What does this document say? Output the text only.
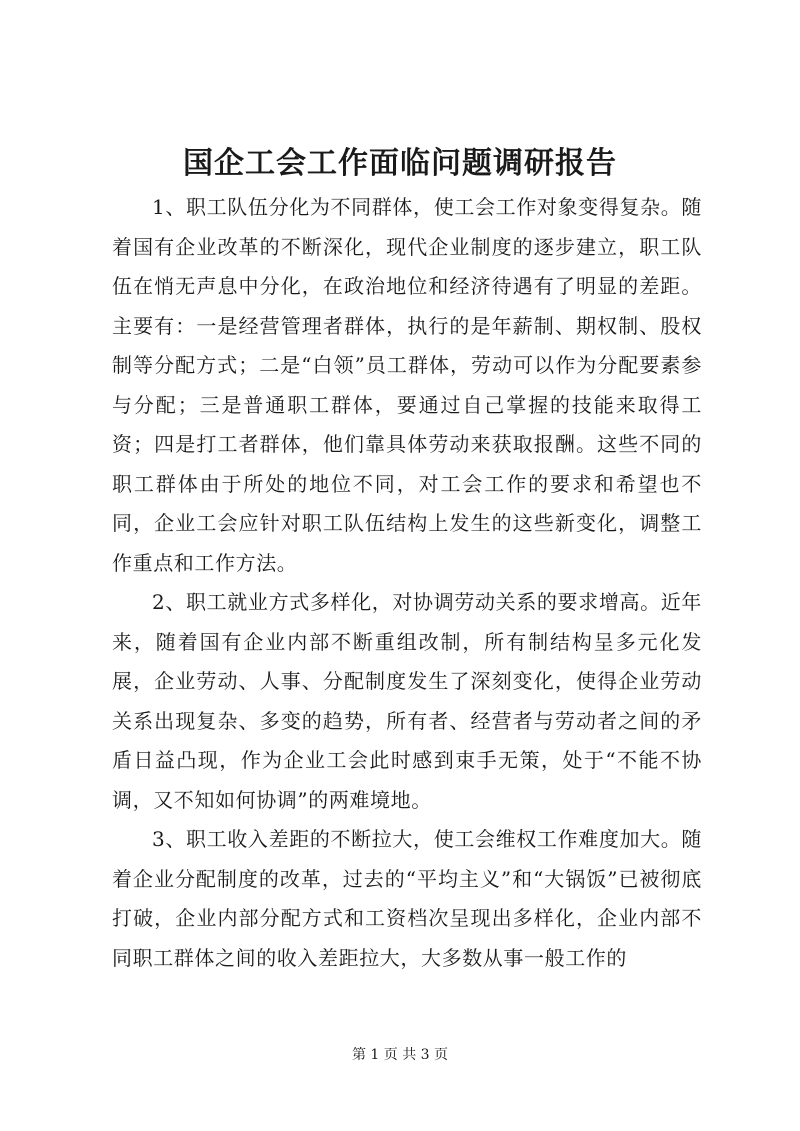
国企工会工作面临问题调研报告

1、职工队伍分化为不同群体，使工会工作对象变得复杂。随着国有企业改革的不断深化，现代企业制度的逐步建立，职工队伍在悄无声息中分化，在政治地位和经济待遇有了明显的差距。主要有：一是经营管理者群体，执行的是年薪制、期权制、股权制等分配方式；二是“白领”员工群体，劳动可以作为分配要素参与分配；三是普通职工群体，要通过自己掌握的技能来取得工资；四是打工者群体，他们靠具体劳动来获取报酬。这些不同的职工群体由于所处的地位不同，对工会工作的要求和希望也不同，企业工会应针对职工队伍结构上发生的这些新变化，调整工作重点和工作方法。

2、职工就业方式多样化，对协调劳动关系的要求增高。近年来，随着国有企业内部不断重组改制，所有制结构呈多元化发展，企业劳动、人事、分配制度发生了深刻变化，使得企业劳动关系出现复杂、多变的趋势，所有者、经营者与劳动者之间的矛盾日益凸现，作为企业工会此时感到束手无策，处于“不能不协调，又不知如何协调”的两难境地。

3、职工收入差距的不断拉大，使工会维权工作难度加大。随着企业分配制度的改革，过去的“平均主义”和“大锅饭”已被彻底打破，企业内部分配方式和工资档次呈现出多样化，企业内部不同职工群体之间的收入差距拉大，大多数从事一般工作的

第 1 页 共 3 页
